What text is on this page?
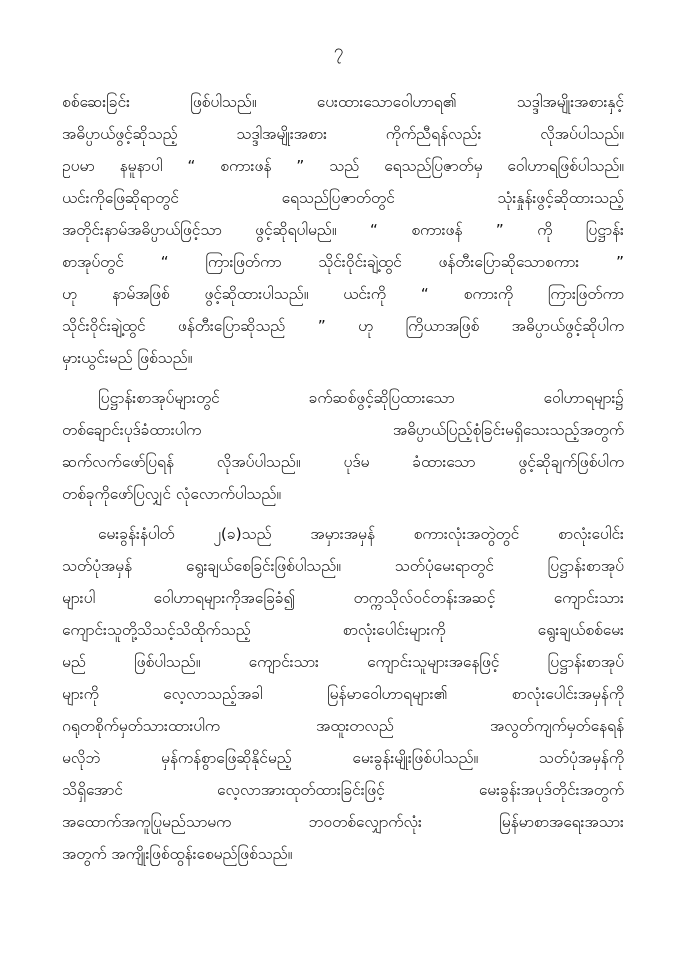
၇
စစ်ဆေးခြင်း ဖြစ်ပါသည်။ ပေးထားသောဝေါဟာရ၏ သဒ္ဒါအမျိုးအစားနှင့်
အဓိပ္ပာယ်ဖွင့်ဆိုသည့် သဒ္ဒါအမျိုးအစား ကိုက်ညီရန်လည်း လိုအပ်ပါသည်။
ဥပမာ နမူနာပါ “ စကားဖန် ” သည် ရေသည်ပြဇာတ်မှ ဝေါဟာရဖြစ်ပါသည်။
ယင်းကိုဖြေဆိုရာတွင် ရေသည်ပြဇာတ်တွင် သုံးနှုန်းဖွင့်ဆိုထားသည့်
အတိုင်းနာမ်အဓိပ္ပာယ်ဖြင့်သာ ဖွင့်ဆိုရပါမည်။ “ စကားဖန် ” ကို ပြဋ္ဌာန်း
စာအုပ်တွင် “ ကြားဖြတ်ကာ သိုင်းဝိုင်းချဲ့ထွင် ဖန်တီးပြောဆိုသောစကား ”
ဟု နာမ်အဖြစ် ဖွင့်ဆိုထားပါသည်။ ယင်းကို “ စကားကို ကြားဖြတ်ကာ
သိုင်းဝိုင်းချဲ့ထွင် ဖန်တီးပြောဆိုသည် ” ဟု ကြိယာအဖြစ် အဓိပ္ပာယ်ဖွင့်ဆိုပါက
မှားယွင်းမည် ဖြစ်သည်။
ပြဋ္ဌာန်းစာအုပ်များတွင် ခက်ဆစ်ဖွင့်ဆိုပြထားသော ဝေါဟာရများ၌
တစ်ချောင်းပုဒ်ခံထားပါက အဓိပ္ပာယ်ပြည့်စုံခြင်းမရှိသေးသည့်အတွက်
ဆက်လက်ဖော်ပြရန် လိုအပ်ပါသည်။ ပုဒ်မ ခံထားသော ဖွင့်ဆိုချက်ဖြစ်ပါက
တစ်ခုကိုဖော်ပြလျှင် လုံလောက်ပါသည်။
မေးခွန်းနံပါတ် ၂(ခ)သည် အမှားအမှန် စကားလုံးအတွဲတွင် စာလုံးပေါင်း
သတ်ပုံအမှန် ရွေးချယ်စေခြင်းဖြစ်ပါသည်။ သတ်ပုံမေးရာတွင် ပြဋ္ဌာန်းစာအုပ်
များပါ ဝေါဟာရများကိုအခြေခံ၍ တက္ကသိုလ်ဝင်တန်းအဆင့် ကျောင်းသား
ကျောင်းသူတို့သိသင့်သိထိုက်သည့် စာလုံးပေါင်းများကို ရွေးချယ်စစ်မေး
မည် ဖြစ်ပါသည်။ ကျောင်းသား ကျောင်းသူများအနေဖြင့် ပြဋ္ဌာန်းစာအုပ်
များကို လေ့လာသည့်အခါ မြန်မာဝေါဟာရများ၏ စာလုံးပေါင်းအမှန်ကို
ဂရုတစိုက်မှတ်သားထားပါက အထူးတလည် အလွတ်ကျက်မှတ်နေရန်
မလိုဘဲ မှန်ကန်စွာဖြေဆိုနိုင်မည့် မေးခွန်းမျိုးဖြစ်ပါသည်။ သတ်ပုံအမှန်ကို
သိရှိအောင် လေ့လာအားထုတ်ထားခြင်းဖြင့် မေးခွန်းအပုဒ်တိုင်းအတွက်
အထောက်အကူပြုမည်သာမက ဘဝတစ်လျှောက်လုံး မြန်မာစာအရေးအသား
အတွက် အကျိုးဖြစ်ထွန်းစေမည်ဖြစ်သည်။
